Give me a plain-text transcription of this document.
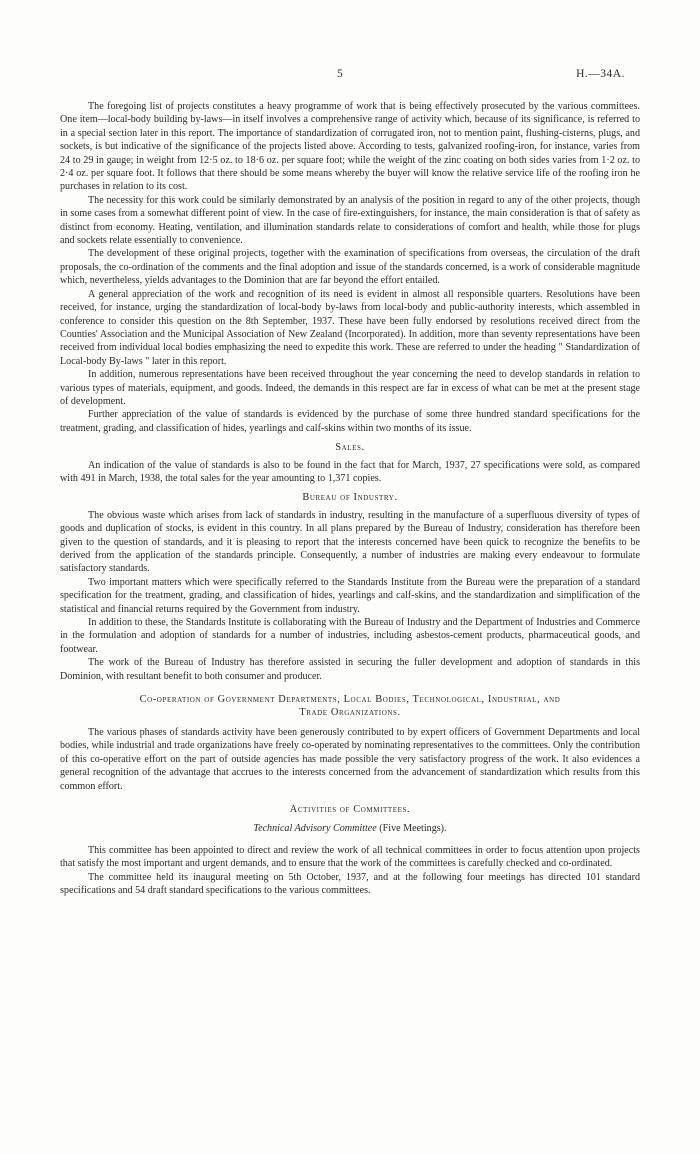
5	H.—34A.

The foregoing list of projects constitutes a heavy programme of work that is being effectively prosecuted by the various committees. One item—local-body building by-laws—in itself involves a comprehensive range of activity which, because of its significance, is referred to in a special section later in this report. The importance of standardization of corrugated iron, not to mention paint, flushing-cisterns, plugs, and sockets, is but indicative of the significance of the projects listed above. According to tests, galvanized roofing-iron, for instance, varies from 24 to 29 in gauge; in weight from 12·5 oz. to 18·6 oz. per square foot; while the weight of the zinc coating on both sides varies from 1·2 oz. to 2·4 oz. per square foot. It follows that there should be some means whereby the buyer will know the relative service life of the roofing iron he purchases in relation to its cost.

The necessity for this work could be similarly demonstrated by an analysis of the position in regard to any of the other projects, though in some cases from a somewhat different point of view. In the case of fire-extinguishers, for instance, the main consideration is that of safety as distinct from economy. Heating, ventilation, and illumination standards relate to considerations of comfort and health, while those for plugs and sockets relate essentially to convenience.

The development of these original projects, together with the examination of specifications from overseas, the circulation of the draft proposals, the co-ordination of the comments and the final adoption and issue of the standards concerned, is a work of considerable magnitude which, nevertheless, yields advantages to the Dominion that are far beyond the effort entailed.

A general appreciation of the work and recognition of its need is evident in almost all responsible quarters. Resolutions have been received, for instance, urging the standardization of local-body by-laws from local-body and public-authority interests, which assembled in conference to consider this question on the 8th September, 1937. These have been fully endorsed by resolutions received direct from the Counties' Association and the Municipal Association of New Zealand (Incorporated). In addition, more than seventy representations have been received from individual local bodies emphasizing the need to expedite this work. These are referred to under the heading " Standardization of Local-body By-laws " later in this report.

In addition, numerous representations have been received throughout the year concerning the need to develop standards in relation to various types of materials, equipment, and goods. Indeed, the demands in this respect are far in excess of what can be met at the present stage of development.

Further appreciation of the value of standards is evidenced by the purchase of some three hundred standard specifications for the treatment, grading, and classification of hides, yearlings and calf-skins within two months of its issue.

Sales.

An indication of the value of standards is also to be found in the fact that for March, 1937, 27 specifications were sold, as compared with 491 in March, 1938, the total sales for the year amounting to 1,371 copies.

Bureau of Industry.

The obvious waste which arises from lack of standards in industry, resulting in the manufacture of a superfluous diversity of types of goods and duplication of stocks, is evident in this country. In all plans prepared by the Bureau of Industry, consideration has therefore been given to the question of standards, and it is pleasing to report that the interests concerned have been quick to recognize the benefits to be derived from the application of the standards principle. Consequently, a number of industries are making every endeavour to formulate satisfactory standards.

Two important matters which were specifically referred to the Standards Institute from the Bureau were the preparation of a standard specification for the treatment, grading, and classification of hides, yearlings and calf-skins, and the standardization and simplification of the statistical and financial returns required by the Government from industry.

In addition to these, the Standards Institute is collaborating with the Bureau of Industry and the Department of Industries and Commerce in the formulation and adoption of standards for a number of industries, including asbestos-cement products, pharmaceutical goods, and footwear.

The work of the Bureau of Industry has therefore assisted in securing the fuller development and adoption of standards in this Dominion, with resultant benefit to both consumer and producer.

Co-operation of Government Departments, Local Bodies, Technological, Industrial, and
Trade Organizations.

The various phases of standards activity have been generously contributed to by expert officers of Government Departments and local bodies, while industrial and trade organizations have freely co-operated by nominating representatives to the committees. Only the contribution of this co-operative effort on the part of outside agencies has made possible the very satisfactory progress of the work. It also evidences a general recognition of the advantage that accrues to the interests concerned from the advancement of standardization which results from this common effort.

Activities of Committees.
Technical Advisory Committee (Five Meetings).

This committee has been appointed to direct and review the work of all technical committees in order to focus attention upon projects that satisfy the most important and urgent demands, and to ensure that the work of the committees is carefully checked and co-ordinated.

The committee held its inaugural meeting on 5th October, 1937, and at the following four meetings has directed 101 standard specifications and 54 draft standard specifications to the various committees.
